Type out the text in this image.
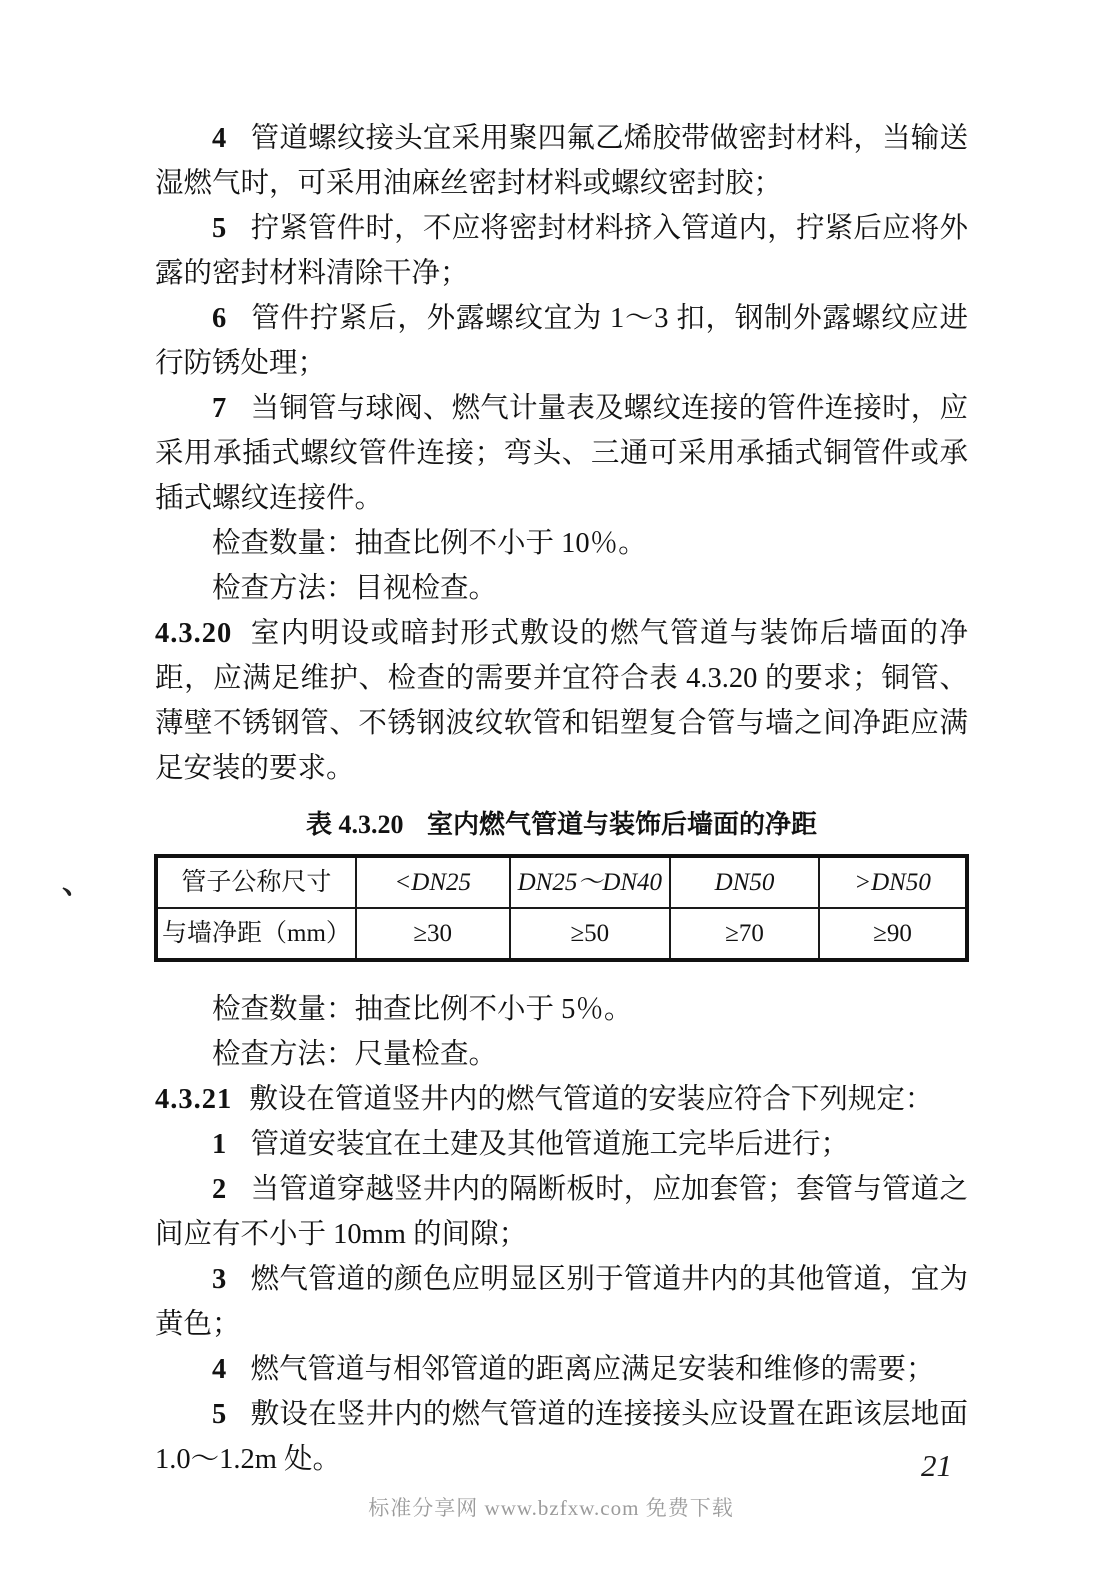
、

4 管道螺纹接头宜采用聚四氟乙烯胶带做密封材料，当输送湿燃气时，可采用油麻丝密封材料或螺纹密封胶；

5 拧紧管件时，不应将密封材料挤入管道内，拧紧后应将外露的密封材料清除干净；

6 管件拧紧后，外露螺纹宜为 1～3 扣，钢制外露螺纹应进行防锈处理；

7 当铜管与球阀、燃气计量表及螺纹连接的管件连接时，应采用承插式螺纹管件连接；弯头、三通可采用承插式铜管件或承插式螺纹连接件。

检查数量：抽查比例不小于 10％。

检查方法：目视检查。

4.3.20 室内明设或暗封形式敷设的燃气管道与装饰后墙面的净距，应满足维护、检查的需要并宜符合表 4.3.20 的要求；铜管、薄壁不锈钢管、不锈钢波纹软管和铝塑复合管与墙之间净距应满足安装的要求。

表 4.3.20 室内燃气管道与装饰后墙面的净距
管子公称尺寸	<DN25	DN25～DN40	DN50	>DN50
与墙净距（mm）	≥30	≥50	≥70	≥90

检查数量：抽查比例不小于 5％。

检查方法：尺量检查。

4.3.21 敷设在管道竖井内的燃气管道的安装应符合下列规定：

1 管道安装宜在土建及其他管道施工完毕后进行；

2 当管道穿越竖井内的隔断板时，应加套管；套管与管道之间应有不小于 10mm 的间隙；

3 燃气管道的颜色应明显区别于管道井内的其他管道，宜为黄色；

4 燃气管道与相邻管道的距离应满足安装和维修的需要；

5 敷设在竖井内的燃气管道的连接接头应设置在距该层地面 1.0～1.2m 处。	21
标准分享网 www.bzfxw.com 免费下载
